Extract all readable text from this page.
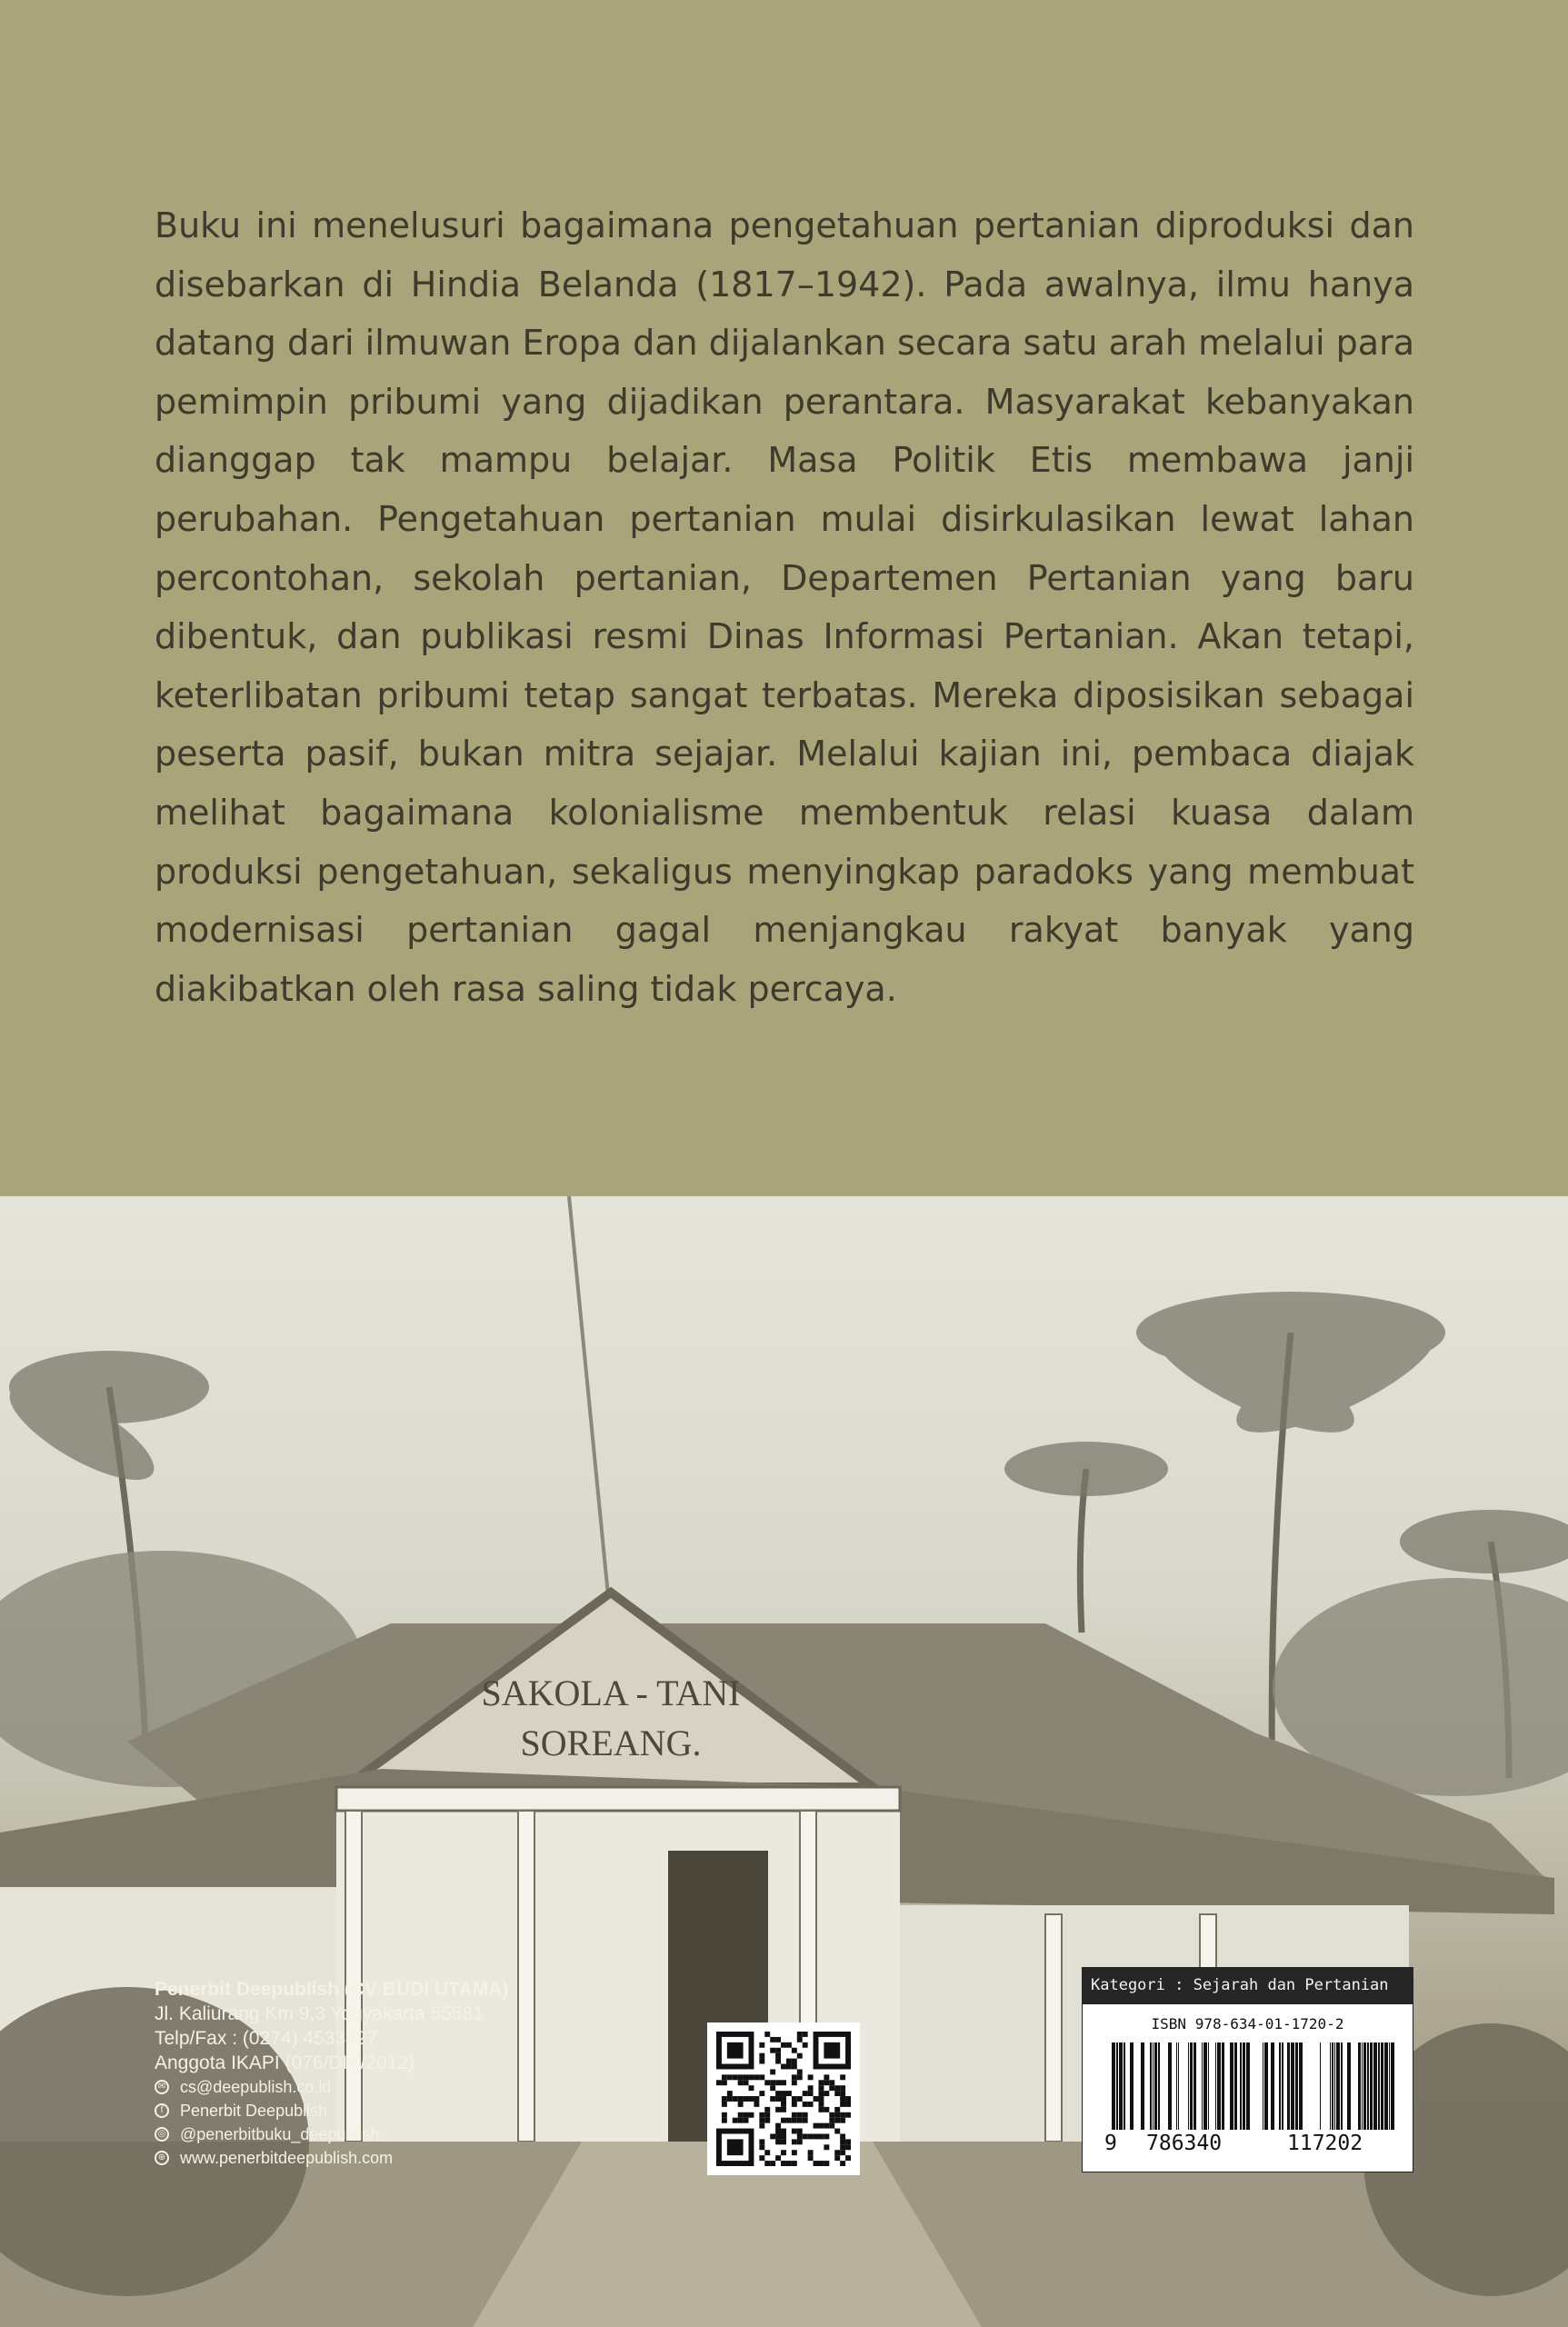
Buku ini menelusuri bagaimana pengetahuan pertanian diproduksi dan disebarkan di Hindia Belanda (1817–1942). Pada awalnya, ilmu hanya datang dari ilmuwan Eropa dan dijalankan secara satu arah melalui para pemimpin pribumi yang dijadikan perantara. Masyarakat kebanyakan dianggap tak mampu belajar. Masa Politik Etis membawa janji perubahan. Pengetahuan pertanian mulai disirkulasikan lewat lahan percontohan, sekolah pertanian, Departemen Pertanian yang baru dibentuk, dan publikasi resmi Dinas Informasi Pertanian. Akan tetapi, keterlibatan pribumi tetap sangat terbatas. Mereka diposisikan sebagai peserta pasif, bukan mitra sejajar. Melalui kajian ini, pembaca diajak melihat bagaimana kolonialisme membentuk relasi kuasa dalam produksi pengetahuan, sekaligus menyingkap paradoks yang membuat modernisasi pertanian gagal menjangkau rakyat banyak yang diakibatkan oleh rasa saling tidak percaya.

SAKOLA - TANI
SOREANG.
Penerbit Deepublish (CV BUDI UTAMA)
Jl. Kaliurang Km 9,3 Yogyakarta 55581
Telp/Fax : (0274) 4533427
Anggota IKAPI (076/DIY/2012)
✉ cs@deepublish.co.id
f	Penerbit Deepublish
◎ @penerbitbuku_deepublish
⊕ www.penerbitdeepublish.com
Kategori : Sejarah dan Pertanian
ISBN 978-634-01-1720-2
9 786340	117202
